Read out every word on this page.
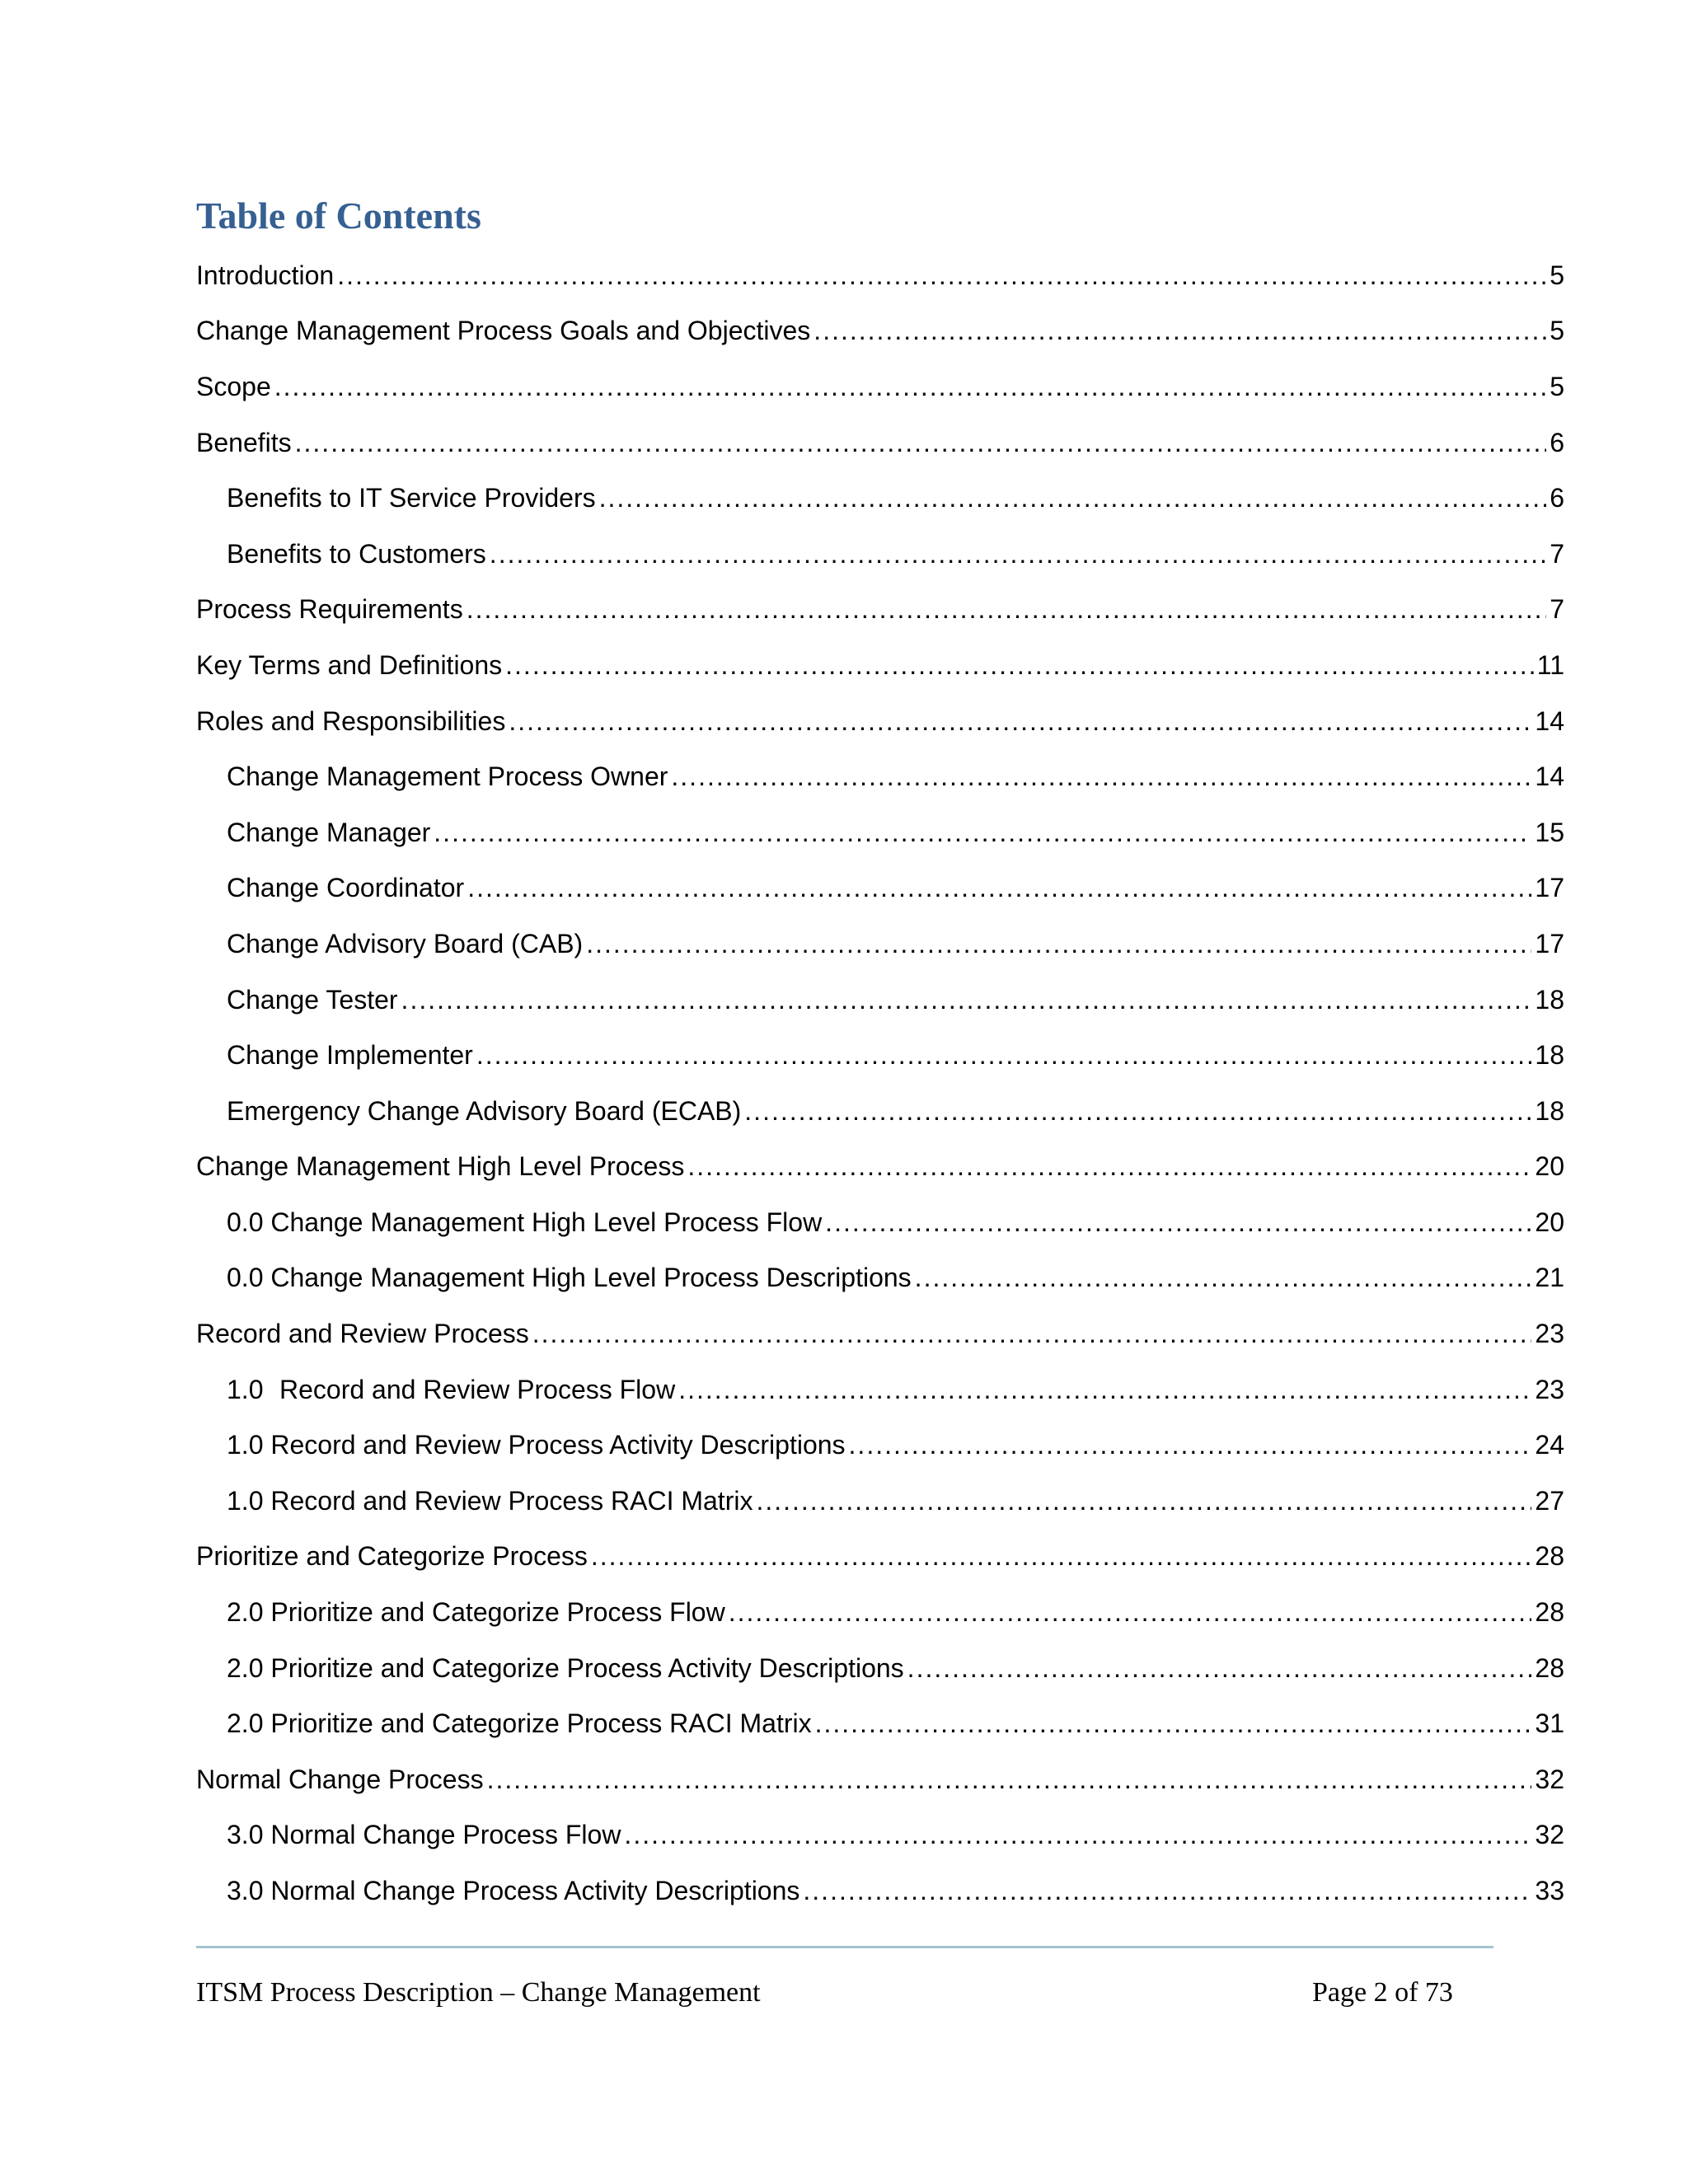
Table of Contents
Introduction .....	5
Change Management Process Goals and Objectives .....	5
Scope .....	5
Benefits .....	6
Benefits to IT Service Providers .....	6
Benefits to Customers .....	7
Process Requirements .....	7
Key Terms and Definitions .....	11
Roles and Responsibilities .....	14
Change Management Process Owner .....	14
Change Manager .....	15
Change Coordinator .....	17
Change Advisory Board (CAB) .....	17
Change Tester .....	18
Change Implementer .....	18
Emergency Change Advisory Board (ECAB) .....	18
Change Management High Level Process .....	20
0.0 Change Management High Level Process Flow .....	20
0.0 Change Management High Level Process Descriptions .....	21
Record and Review Process .....	23
1.0 Record and Review Process Flow .....	23
1.0 Record and Review Process Activity Descriptions .....	24
1.0 Record and Review Process RACI Matrix .....	27
Prioritize and Categorize Process .....	28
2.0 Prioritize and Categorize Process Flow .....	28
2.0 Prioritize and Categorize Process Activity Descriptions .....	28
2.0 Prioritize and Categorize Process RACI Matrix .....	31
Normal Change Process .....	32
3.0 Normal Change Process Flow .....	32
3.0 Normal Change Process Activity Descriptions .....	33
ITSM Process Description – Change Management	Page 2 of 73
